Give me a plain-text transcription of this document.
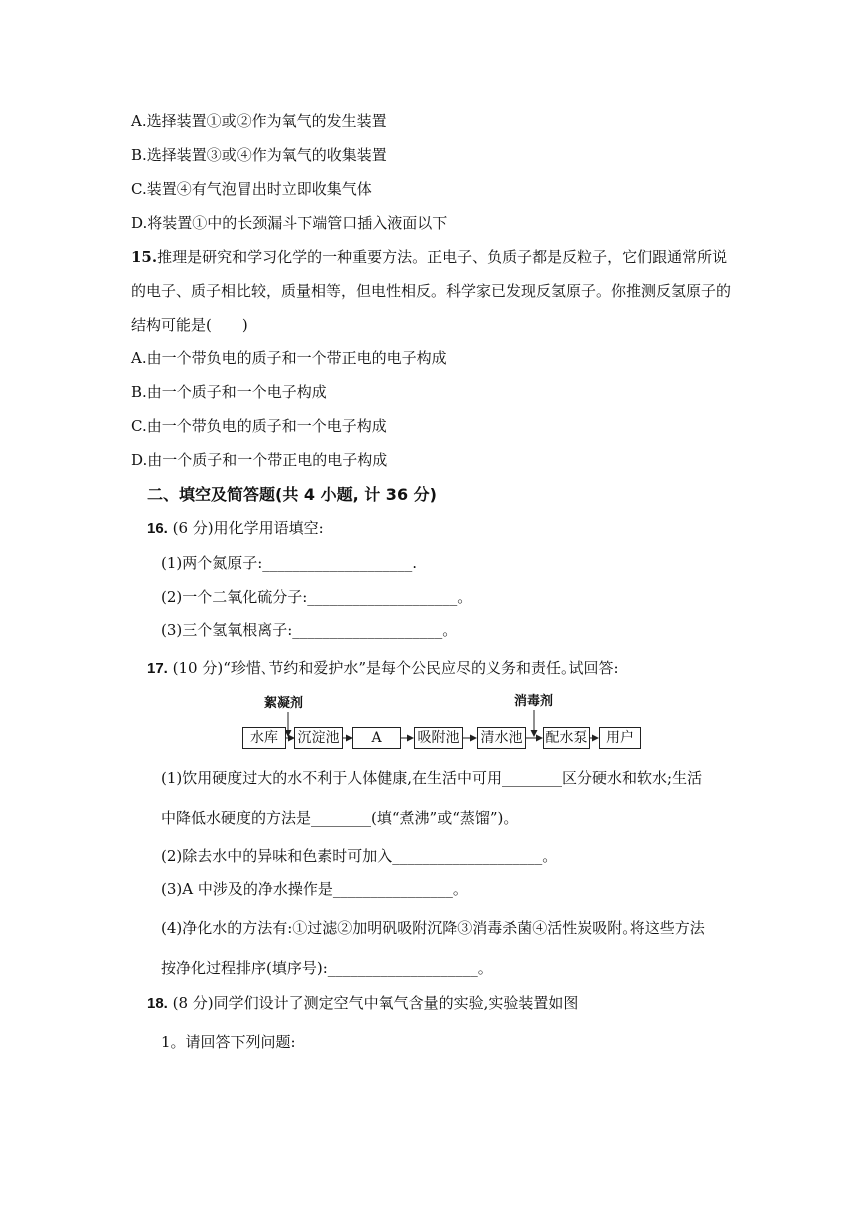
A.选择装置①或②作为氧气的发生装置
B.选择装置③或④作为氧气的收集装置
C.装置④有气泡冒出时立即收集气体
D.将装置①中的长颈漏斗下端管口插入液面以下
15.推理是研究和学习化学的一种重要方法。正电子、负质子都是反粒子，它们跟通常所说
的电子、质子相比较，质量相等，但电性相反。科学家已发现反氢原子。你推测反氢原子的
结构可能是(　　)
A.由一个带负电的质子和一个带正电的电子构成
B.由一个质子和一个电子构成
C.由一个带负电的质子和一个电子构成
D.由一个质子和一个带正电的电子构成
二、填空及简答题(共 4 小题, 计 36 分)
16. (6 分)用化学用语填空:
(1)两个氮原子:____________________.
(2)一个二氧化硫分子:____________________。
(3)三个氢氧根离子:____________________。
17. (10 分)“珍惜､节约和爱护水”是每个公民应尽的义务和责任｡试回答:
絮凝剂	消毒剂
水库	沉淀池	A	吸附池 清水池 配水泵	用户
(1)饮用硬度过大的水不利于人体健康,在生活中可用________区分硬水和软水;生活
中降低水硬度的方法是________(填“煮沸”或“蒸馏”)。
(2)除去水中的异味和色素时可加入____________________。
(3)A 中涉及的净水操作是________________。
(4)净化水的方法有:①过滤②加明矾吸附沉降③消毒杀菌④活性炭吸附｡将这些方法
按净化过程排序(填序号):____________________。
18. (8 分)同学们设计了测定空气中氧气含量的实验,实验装置如图
1。请回答下列问题:
